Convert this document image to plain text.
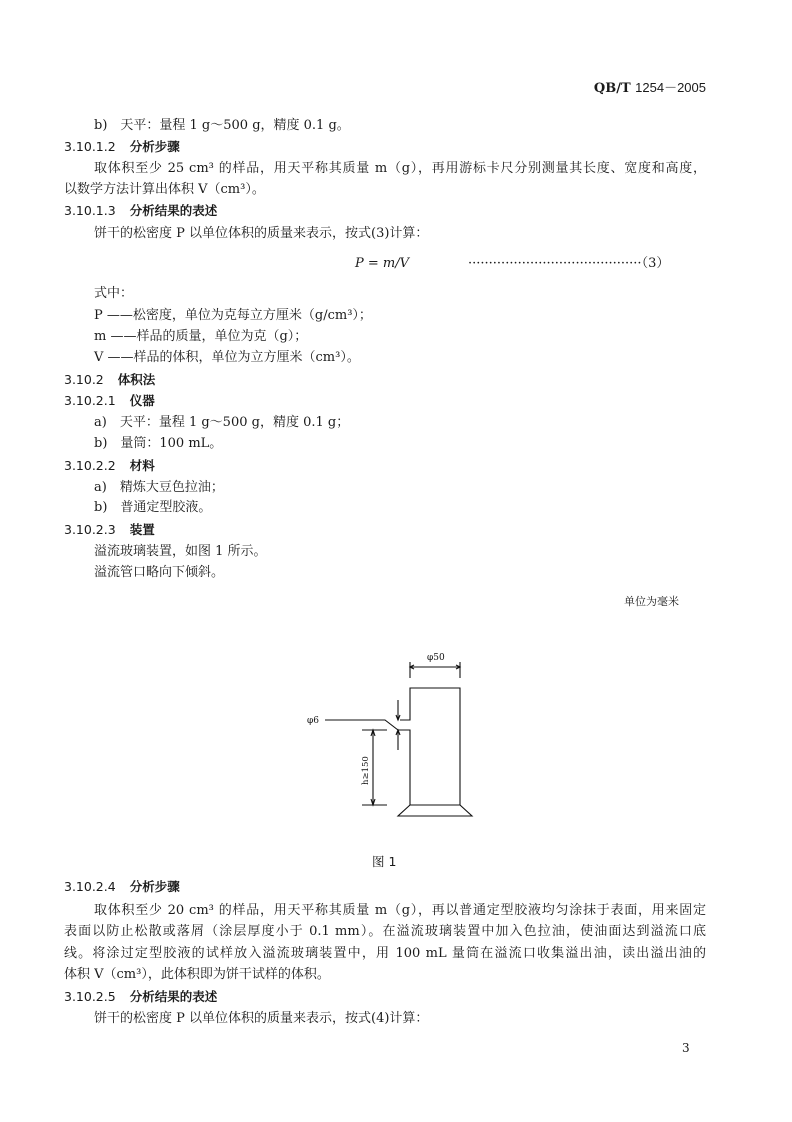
QB/T 1254－2005
b)　天平：量程 1 g～500 g，精度 0.1 g。
3.10.1.2 分析步骤
取体积至少 25 cm³ 的样品，用天平称其质量 m（g），再用游标卡尺分别测量其长度、宽度和高度，
以数学方法计算出体积 V（cm³）。
3.10.1.3 分析结果的表述
饼干的松密度 P 以单位体积的质量来表示，按式(3)计算：
P = m/V	··········································（3）
式中：
P ——松密度，单位为克每立方厘米（g/cm³）；
m ——样品的质量，单位为克（g）；
V ——样品的体积，单位为立方厘米（cm³）。
3.10.2 体积法
3.10.2.1 仪器
a)　天平：量程 1 g～500 g，精度 0.1 g；
b)　量筒：100 mL。
3.10.2.2 材料
a)　精炼大豆色拉油；
b)　普通定型胶液。
3.10.2.3 装置
溢流玻璃装置，如图 1 所示。
溢流管口略向下倾斜。
单位为毫米
φ50
φ6
h≥150
图 1
3.10.2.4 分析步骤
取体积至少 20 cm³ 的样品，用天平称其质量 m（g），再以普通定型胶液均匀涂抹于表面，用来固定
表面以防止松散或落屑（涂层厚度小于 0.1 mm）。在溢流玻璃装置中加入色拉油，使油面达到溢流口底
线。将涂过定型胶液的试样放入溢流玻璃装置中，用 100 mL 量筒在溢流口收集溢出油，读出溢出油的
体积 V（cm³），此体积即为饼干试样的体积。
3.10.2.5 分析结果的表述
饼干的松密度 P 以单位体积的质量来表示，按式(4)计算：
3
